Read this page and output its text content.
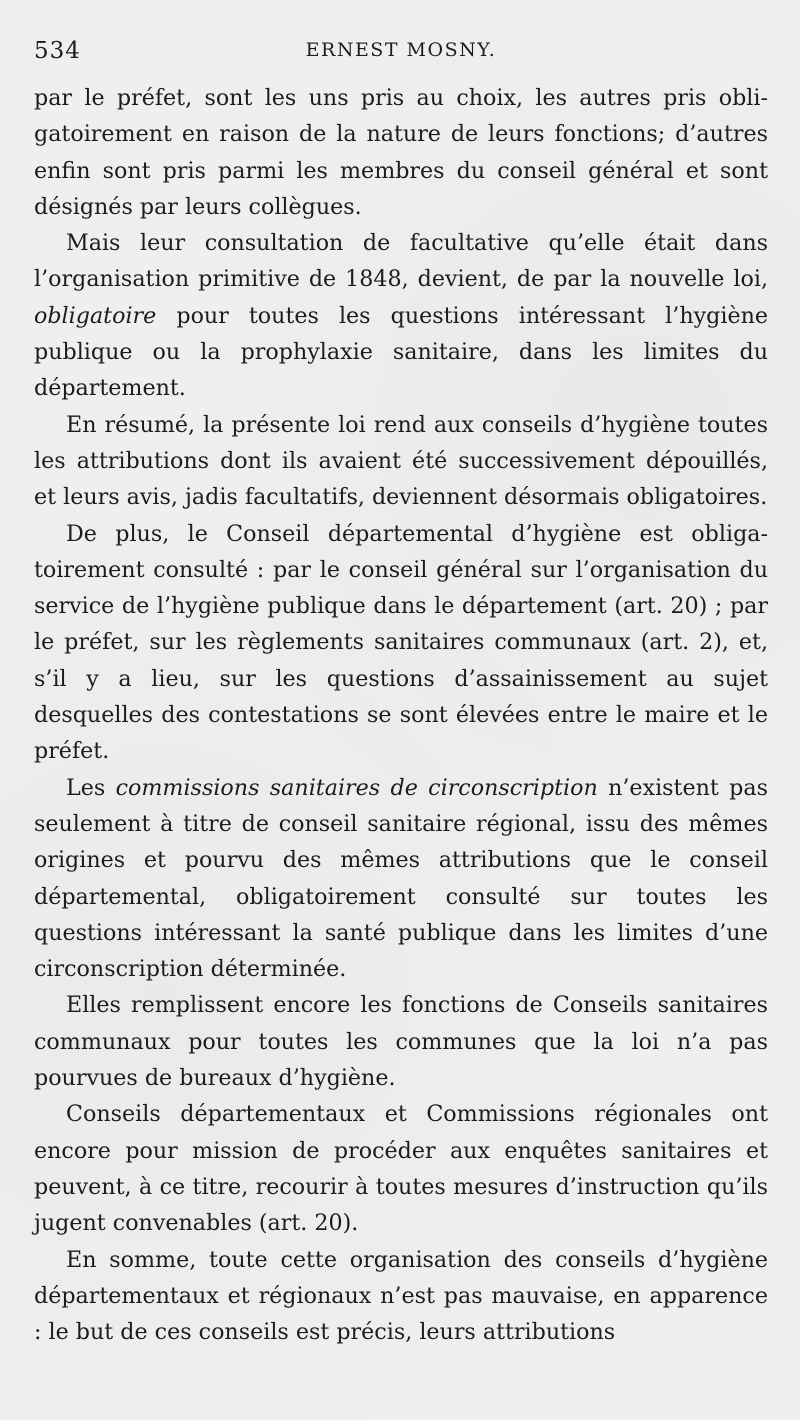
534	ERNEST MOSNY.

par le préfet, sont les uns pris au choix, les autres pris obligatoirement en raison de la nature de leurs fonctions; d’autres enfin sont pris parmi les membres du conseil général et sont désignés par leurs collègues.

Mais leur consultation de facultative qu’elle était dans l’organisation primitive de 1848, devient, de par la nouvelle loi, obligatoire pour toutes les questions intéressant l’hygiène publique ou la prophylaxie sanitaire, dans les limites du département.

En résumé, la présente loi rend aux conseils d’hygiène toutes les attributions dont ils avaient été successivement dépouillés, et leurs avis, jadis facultatifs, deviennent désormais obligatoires.

De plus, le Conseil départemental d’hygiène est obligatoirement consulté : par le conseil général sur l’organisation du service de l’hygiène publique dans le département (art. 20) ; par le préfet, sur les règlements sanitaires communaux (art. 2), et, s’il y a lieu, sur les questions d’assainissement au sujet desquelles des contestations se sont élevées entre le maire et le préfet.

Les commissions sanitaires de circonscription n’existent pas seulement à titre de conseil sanitaire régional, issu des mêmes origines et pourvu des mêmes attributions que le conseil départemental, obligatoirement consulté sur toutes les questions intéressant la santé publique dans les limites d’une circonscription déterminée.

Elles remplissent encore les fonctions de Conseils sanitaires communaux pour toutes les communes que la loi n’a pas pourvues de bureaux d’hygiène.

Conseils départementaux et Commissions régionales ont encore pour mission de procéder aux enquêtes sanitaires et peuvent, à ce titre, recourir à toutes mesures d’instruction qu’ils jugent convenables (art. 20).

En somme, toute cette organisation des conseils d’hygiène départementaux et régionaux n’est pas mauvaise, en apparence : le but de ces conseils est précis, leurs attributions
